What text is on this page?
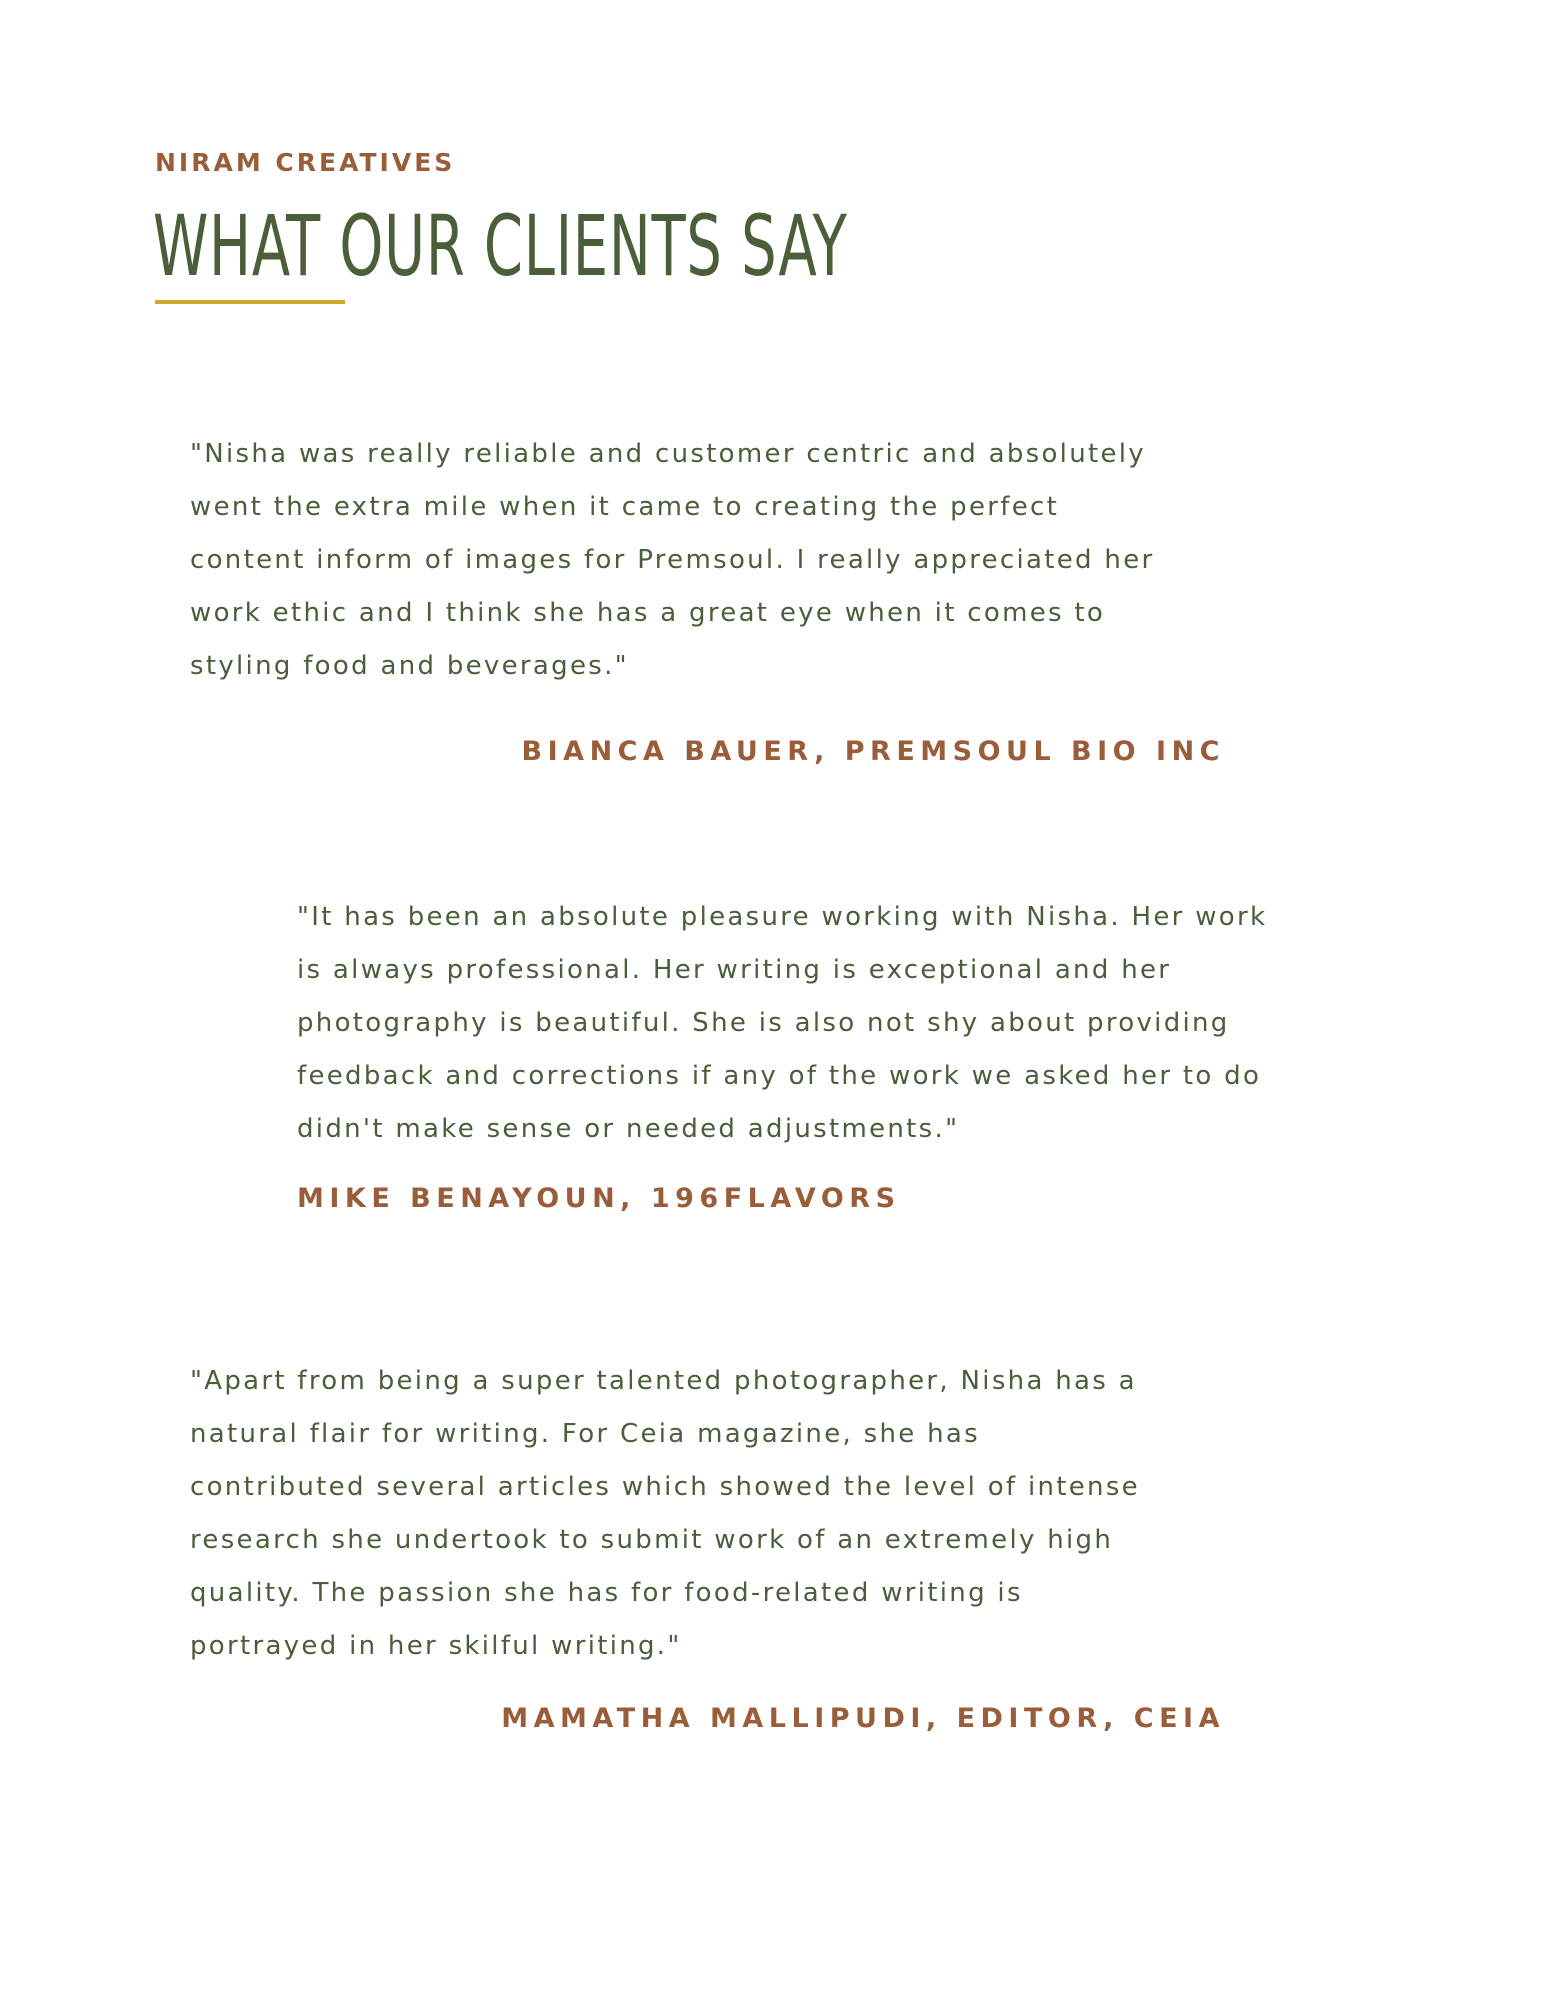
NIRAM CREATIVES
WHAT OUR CLIENTS SAY

"Nisha was really reliable and customer centric and absolutely
went the extra mile when it came to creating the perfect
content inform of images for Premsoul. I really appreciated her
work ethic and I think she has a great eye when it comes to
styling food and beverages."

BIANCA BAUER, PREMSOUL BIO INC

"It has been an absolute pleasure working with Nisha. Her work
is always professional. Her writing is exceptional and her
photography is beautiful. She is also not shy about providing
feedback and corrections if any of the work we asked her to do
didn't make sense or needed adjustments."

MIKE BENAYOUN, 196FLAVORS

"Apart from being a super talented photographer, Nisha has a
natural flair for writing. For Ceia magazine, she has
contributed several articles which showed the level of intense
research she undertook to submit work of an extremely high
quality. The passion she has for food-related writing is
portrayed in her skilful writing."

MAMATHA MALLIPUDI, EDITOR, CEIA
